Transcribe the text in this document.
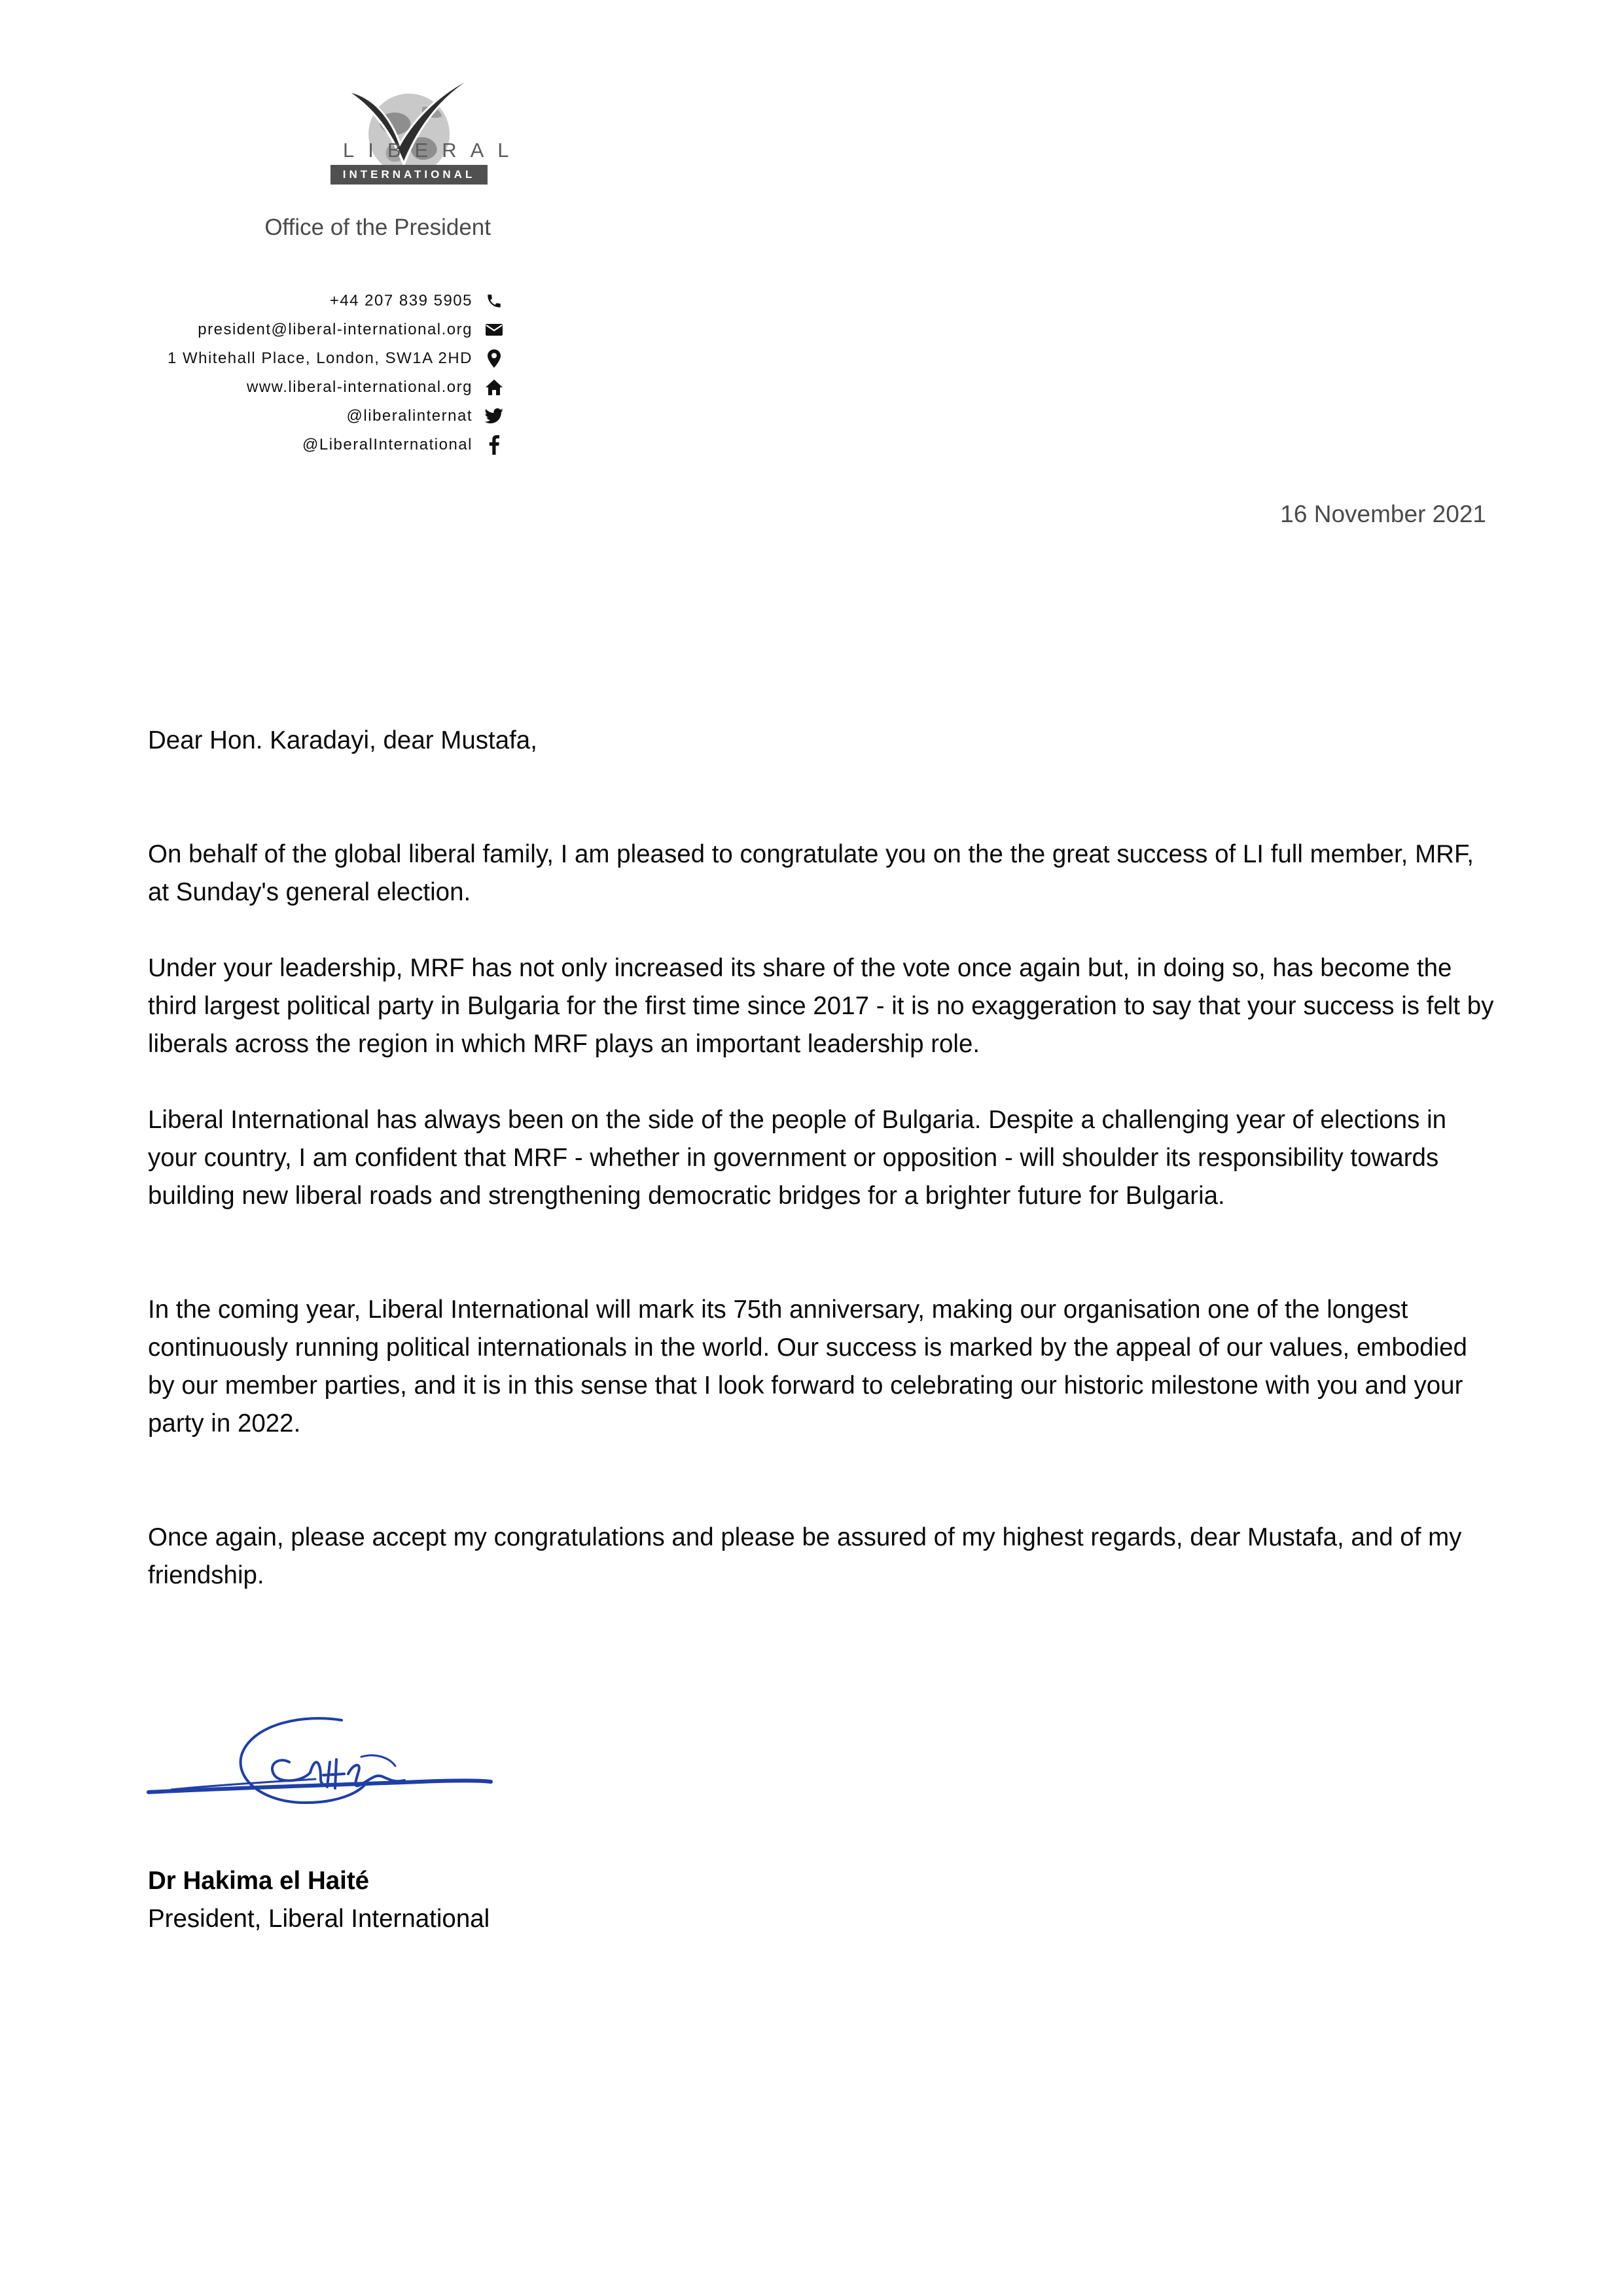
LIBERAL
INTERNATIONAL
Office of the President
+44 207 839 5905
president@liberal-international.org
1 Whitehall Place, London, SW1A 2HD
www.liberal-international.org
@liberalinternat
@LiberalInternational
16 November 2021
Dear Hon. Karadayi, dear Mustafa,
On behalf of the global liberal family, I am pleased to congratulate you on the the great success of LI full member, MRF, at Sunday's general election.
Under your leadership, MRF has not only increased its share of the vote once again but, in doing so, has become the third largest political party in Bulgaria for the first time since 2017 - it is no exaggeration to say that your success is felt by liberals across the region in which MRF plays an important leadership role.
Liberal International has always been on the side of the people of Bulgaria. Despite a challenging year of elections in your country, I am confident that MRF - whether in government or opposition - will shoulder its responsibility towards building new liberal roads and strengthening democratic bridges for a brighter future for Bulgaria.
In the coming year, Liberal International will mark its 75th anniversary, making our organisation one of the longest continuously running political internationals in the world. Our success is marked by the appeal of our values, embodied by our member parties, and it is in this sense that I look forward to celebrating our historic milestone with you and your party in 2022.
Once again, please accept my congratulations and please be assured of my highest regards, dear Mustafa, and of my friendship.
Dr Hakima el Haité
President, Liberal International
